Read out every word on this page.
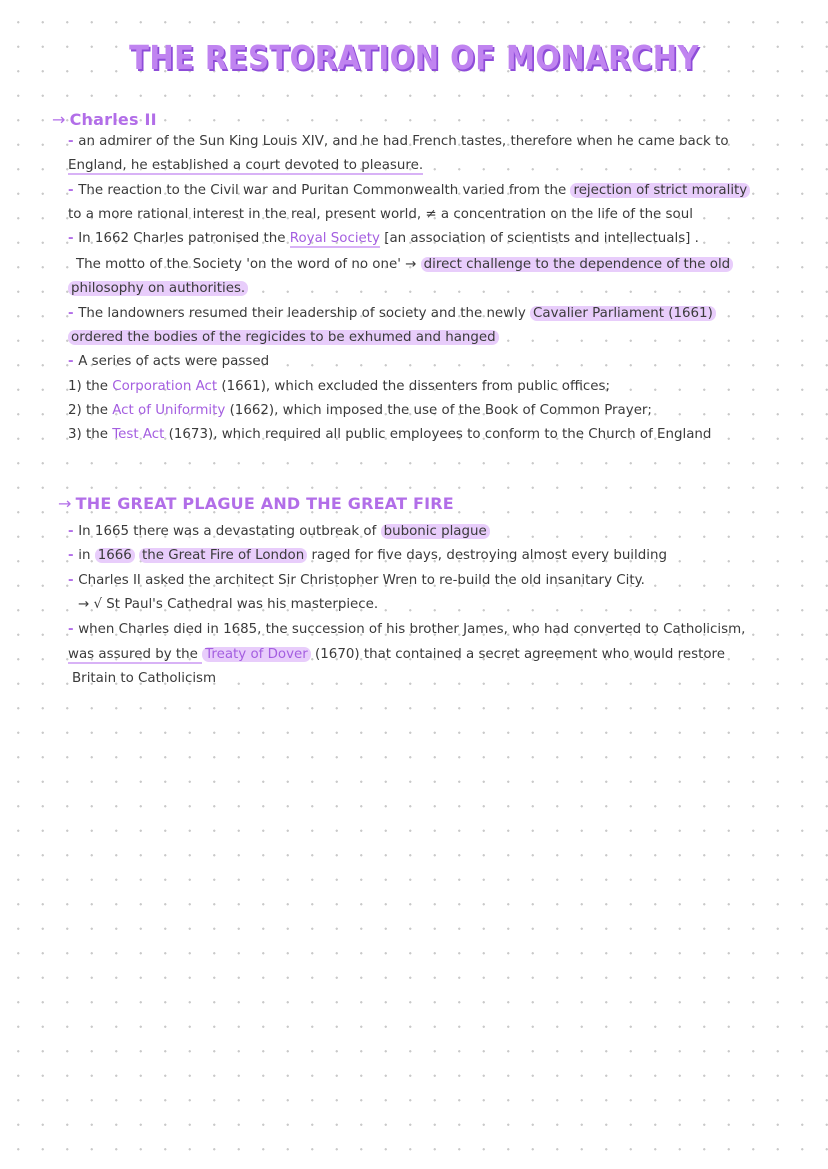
THE RESTORATION OF MONARCHY
→ Charles II
- an admirer of the Sun King Louis XIV, and he had French tastes, therefore when he came back to
England, he established a court devoted to pleasure.
- The reaction to the Civil war and Puritan Commonwealth varied from the rejection of strict morality
to a more rational interest in the real, present world, ≠ a concentration on the life of the soul
- In 1662 Charles patronised the Royal Society [an association of scientists and intellectuals] .
The motto of the Society 'on the word of no one' → direct challenge to the dependence of the old
philosophy on authorities.
- The landowners resumed their leadership of society and the newly Cavalier Parliament (1661)
ordered the bodies of the regicides to be exhumed and hanged
- A series of acts were passed
1) the Corporation Act (1661), which excluded the dissenters from public offices;
2) the Act of Uniformity (1662), which imposed the use of the Book of Common Prayer;
3) the Test Act (1673), which required all public employees to conform to the Church of England
→ THE GREAT PLAGUE AND THE GREAT FIRE
- In 1665 there was a devastating outbreak of bubonic plague
- in 1666 the Great Fire of London raged for five days, destroying almost every building
- Charles II asked the architect Sir Christopher Wren to re-build the old insanitary City.
→ √ St Paul's Cathedral was his masterpiece.
- when Charles died in 1685, the succession of his brother James, who had converted to Catholicism,
was assured by the Treaty of Dover (1670) that contained a secret agreement who would restore
Britain to Catholicism
